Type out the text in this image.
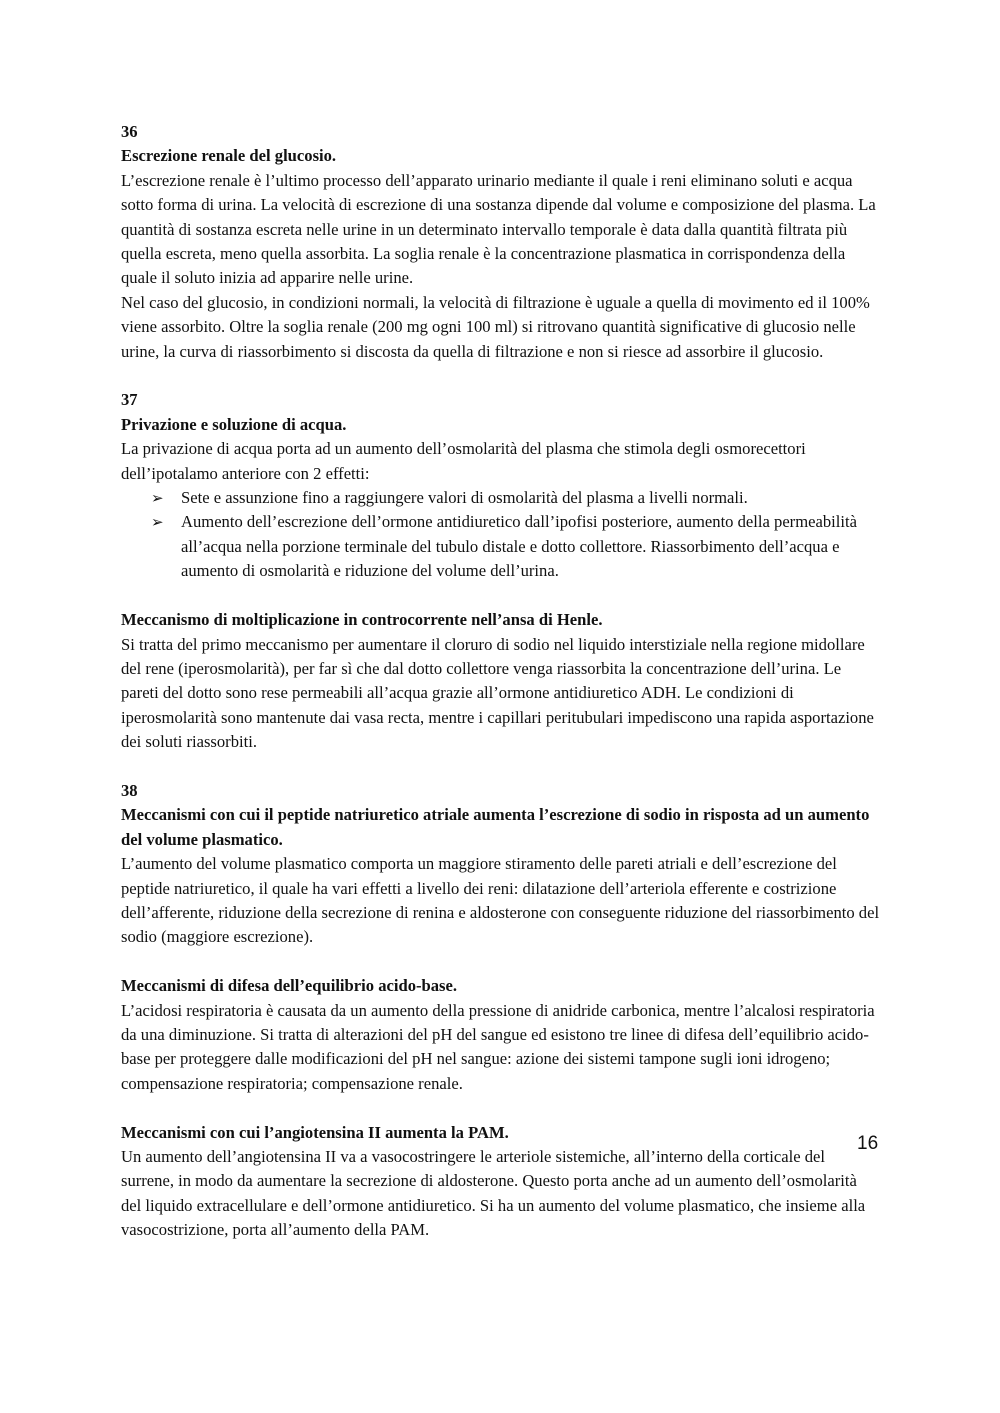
36
Escrezione renale del glucosio.
L’escrezione renale è l’ultimo processo dell’apparato urinario mediante il quale i reni eliminano soluti e acqua sotto forma di urina. La velocità di escrezione di una sostanza dipende dal volume e composizione del plasma. La quantità di sostanza escreta nelle urine in un determinato intervallo temporale è data dalla quantità filtrata più quella escreta, meno quella assorbita. La soglia renale è la concentrazione plasmatica in corrispondenza della quale il soluto inizia ad apparire nelle urine.
Nel caso del glucosio, in condizioni normali, la velocità di filtrazione è uguale a quella di movimento ed il 100% viene assorbito. Oltre la soglia renale (200 mg ogni 100 ml) si ritrovano quantità significative di glucosio nelle urine, la curva di riassorbimento si discosta da quella di filtrazione e non si riesce ad assorbire il glucosio.
37
Privazione e soluzione di acqua.
La privazione di acqua porta ad un aumento dell’osmolarità del plasma che stimola degli osmorecettori dell’ipotalamo anteriore con 2 effetti:
➢ Sete e assunzione fino a raggiungere valori di osmolarità del plasma a livelli normali.
➢ Aumento dell’escrezione dell’ormone antidiuretico dall’ipofisi posteriore, aumento della permeabilità all’acqua nella porzione terminale del tubulo distale e dotto collettore. Riassorbimento dell’acqua e aumento di osmolarità e riduzione del volume dell’urina.
Meccanismo di moltiplicazione in controcorrente nell’ansa di Henle.
Si tratta del primo meccanismo per aumentare il cloruro di sodio nel liquido interstiziale nella regione midollare del rene (iperosmolarità), per far sì che dal dotto collettore venga riassorbita la concentrazione dell’urina. Le pareti del dotto sono rese permeabili all’acqua grazie all’ormone antidiuretico ADH. Le condizioni di iperosmolarità sono mantenute dai vasa recta, mentre i capillari peritubulari impediscono una rapida asportazione dei soluti riassorbiti.
38
Meccanismi con cui il peptide natriuretico atriale aumenta l’escrezione di sodio in risposta ad un aumento del volume plasmatico.
L’aumento del volume plasmatico comporta un maggiore stiramento delle pareti atriali e dell’escrezione del peptide natriuretico, il quale ha vari effetti a livello dei reni: dilatazione dell’arteriola efferente e costrizione dell’afferente, riduzione della secrezione di renina e aldosterone con conseguente riduzione del riassorbimento del sodio (maggiore escrezione).
Meccanismi di difesa dell’equilibrio acido-base.
L’acidosi respiratoria è causata da un aumento della pressione di anidride carbonica, mentre l’alcalosi respiratoria da una diminuzione. Si tratta di alterazioni del pH del sangue ed esistono tre linee di difesa dell’equilibrio acido-base per proteggere dalle modificazioni del pH nel sangue: azione dei sistemi tampone sugli ioni idrogeno; compensazione respiratoria; compensazione renale.
Meccanismi con cui l’angiotensina II aumenta la PAM.
Un aumento dell’angiotensina II va a vasocostringere le arteriole sistemiche, all’interno della corticale del surrene, in modo da aumentare la secrezione di aldosterone. Questo porta anche ad un aumento dell’osmolarità del liquido extracellulare e dell’ormone antidiuretico. Si ha un aumento del volume plasmatico, che insieme alla vasocostrizione, porta all’aumento della PAM.
16
